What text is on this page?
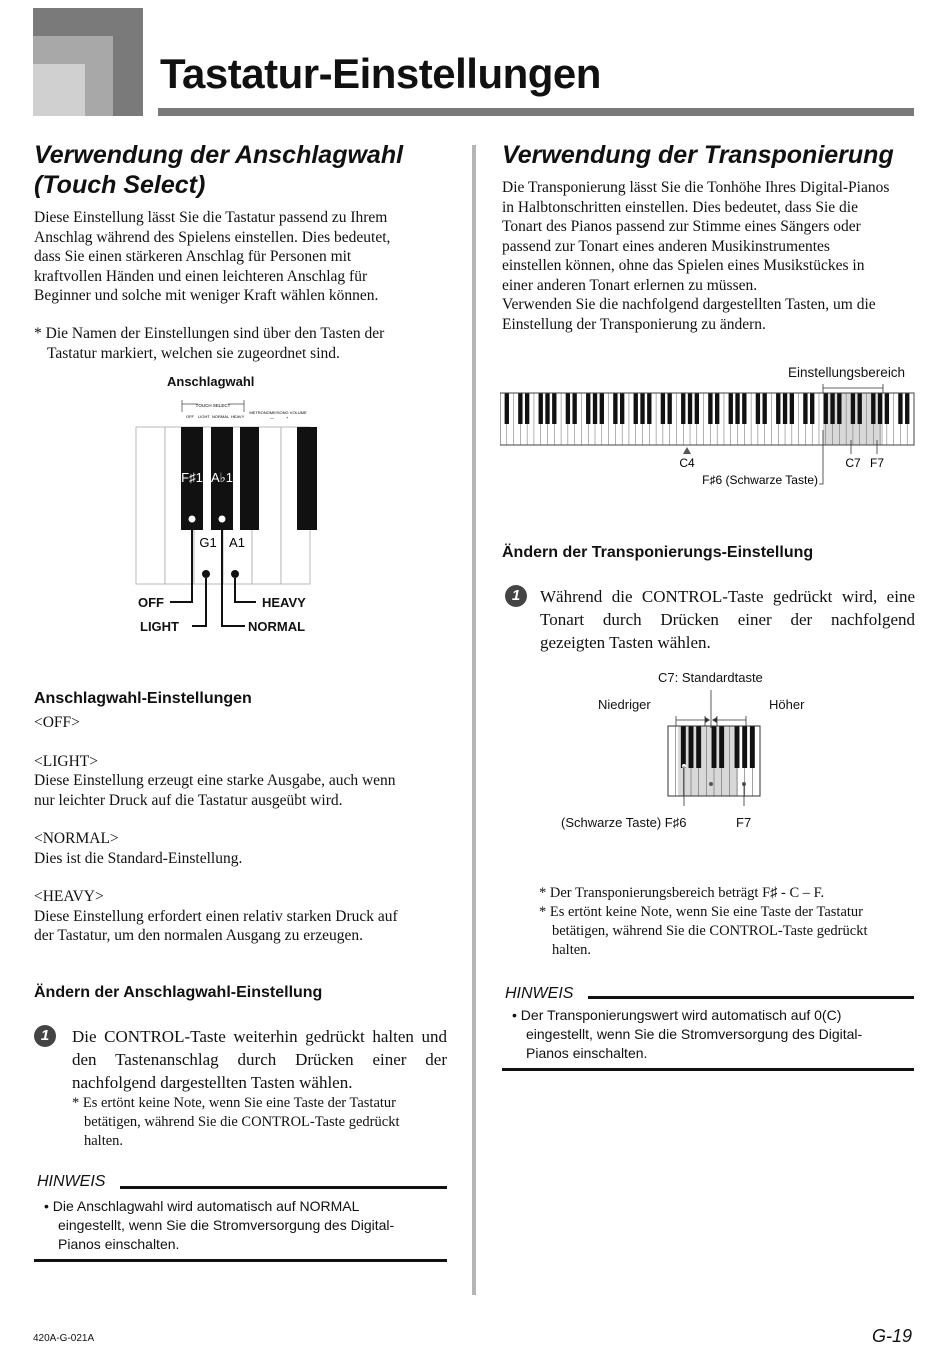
Tastatur-Einstellungen
Verwendung der Anschlagwahl
(Touch Select)
Diese Einstellung lässt Sie die Tastatur passend zu Ihrem
Anschlag während des Spielens einstellen. Dies bedeutet,
dass Sie einen stärkeren Anschlag für Personen mit
kraftvollen Händen und einen leichteren Anschlag für
Beginner und solche mit weniger Kraft wählen können.
* Die Namen der Einstellungen sind über den Tasten der
Tastatur markiert, welchen sie zugeordnet sind.
Anschlagwahl
TOUCH SELECT
OFF LIGHT NORMAL HEAVY
METRONOME/SONG VOLUME
—	+
F♯1 A♭1
G1 A1
OFF
LIGHT
HEAVY
NORMAL
Anschlagwahl-Einstellungen
<OFF>
<LIGHT>
Diese Einstellung erzeugt eine starke Ausgabe, auch wenn
nur leichter Druck auf die Tastatur ausgeübt wird.
<NORMAL>
Dies ist die Standard-Einstellung.
<HEAVY>
Diese Einstellung erfordert einen relativ starken Druck auf
der Tastatur, um den normalen Ausgang zu erzeugen.
Ändern der Anschlagwahl-Einstellung
1	Die CONTROL-Taste weiterhin gedrückt halten und
den Tastenanschlag durch Drücken einer der
nachfolgend dargestellten Tasten wählen.
* Es ertönt keine Note, wenn Sie eine Taste der Tastatur
betätigen, während Sie die CONTROL-Taste gedrückt
halten.
HINWEIS
• Die Anschlagwahl wird automatisch auf NORMAL
eingestellt, wenn Sie die Stromversorgung des Digital-
Pianos einschalten.
Verwendung der Transponierung
Die Transponierung lässt Sie die Tonhöhe Ihres Digital-Pianos
in Halbtonschritten einstellen. Dies bedeutet, dass Sie die
Tonart des Pianos passend zur Stimme eines Sängers oder
passend zur Tonart eines anderen Musikinstrumentes
einstellen können, ohne das Spielen eines Musikstückes in
einer anderen Tonart erlernen zu müssen.
Verwenden Sie die nachfolgend dargestellten Tasten, um die
Einstellung der Transponierung zu ändern.
Einstellungsbereich
C4	C7 F7
F♯6 (Schwarze Taste)
Ändern der Transponierungs-Einstellung
1	Während die CONTROL-Taste gedrückt wird, eine
Tonart durch Drücken einer der nachfolgend
gezeigten Tasten wählen.
C7: Standardtaste
Niedriger	Höher
(Schwarze Taste) F♯6	F7
* Der Transponierungsbereich beträgt F♯ - C – F.
* Es ertönt keine Note, wenn Sie eine Taste der Tastatur
betätigen, während Sie die CONTROL-Taste gedrückt
halten.
HINWEIS
• Der Transponierungswert wird automatisch auf 0(C)
eingestellt, wenn Sie die Stromversorgung des Digital-
Pianos einschalten.
420A-G-021A	G-19
